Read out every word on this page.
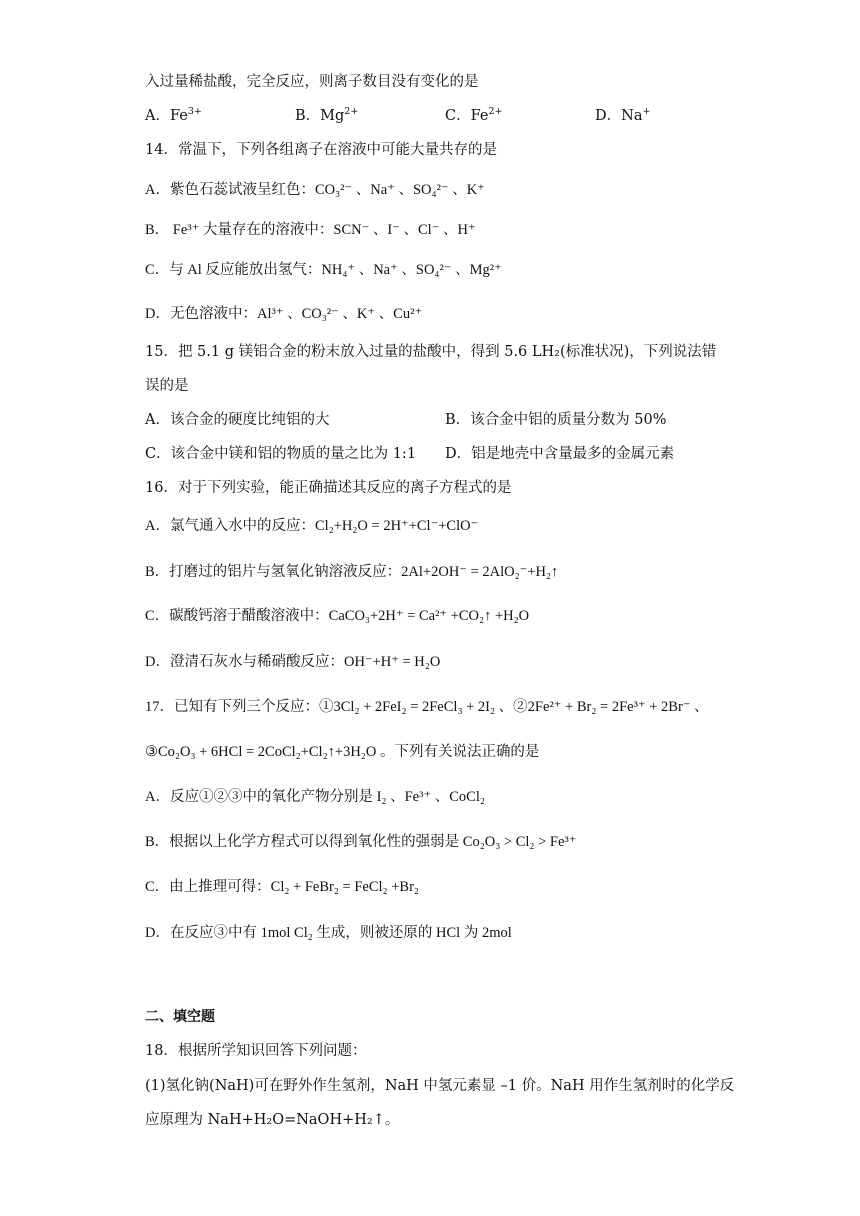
入过量稀盐酸，完全反应，则离子数目没有变化的是
A．$Fe^{3+}$	B．$Mg^{2+}$	C．$Fe^{2+}$	D．Na+
14．常温下，下列各组离子在溶液中可能大量共存的是
A．紫色石蕊试液呈红色：CO₃²⁻ 、Na⁺ 、SO₄²⁻ 、K⁺
B． Fe³⁺ 大量存在的溶液中：SCN⁻ 、I⁻ 、Cl⁻ 、H⁺
C．与 Al 反应能放出氢气：NH₄⁺ 、Na⁺ 、SO₄²⁻ 、Mg²⁺
D．无色溶液中：Al³⁺ 、CO₃²⁻ 、K⁺ 、Cu²⁺
15．把 5.1 g 镁铝合金的粉末放入过量的盐酸中，得到 5.6 LH₂(标准状况)，下列说法错
误的是
A．该合金的硬度比纯铝的大	B．该合金中铝的质量分数为 50%
C．该合金中镁和铝的物质的量之比为 1:1 D．铝是地壳中含量最多的金属元素
16．对于下列实验，能正确描述其反应的离子方程式的是
A．氯气通入水中的反应：Cl₂+H₂O = 2H⁺+Cl⁻+ClO⁻
B．打磨过的铝片与氢氧化钠溶液反应：2Al+2OH⁻ = 2AlO₂⁻+H₂↑
C．碳酸钙溶于醋酸溶液中：CaCO₃+2H⁺ = Ca²⁺ +CO₂↑ +H₂O
D．澄清石灰水与稀硝酸反应：OH⁻+H⁺ = H₂O
17．已知有下列三个反应：①3Cl₂ + 2FeI₂ = 2FeCl₃ + 2I₂ 、②2Fe²⁺ + Br₂ = 2Fe³⁺ + 2Br⁻ 、
③Co₂O₃ + 6HCl = 2CoCl₂+Cl₂↑+3H₂O 。下列有关说法正确的是
A．反应①②③中的氧化产物分别是 I₂ 、Fe³⁺ 、CoCl₂
B．根据以上化学方程式可以得到氧化性的强弱是 Co₂O₃ > Cl₂ > Fe³⁺
C．由上推理可得：Cl₂ + FeBr₂ = FeCl₂ +Br₂
D．在反应③中有 1mol Cl₂ 生成，则被还原的 HCl 为 2mol
二、填空题
18．根据所学知识回答下列问题：
(1)氢化钠(NaH)可在野外作生氢剂，NaH 中氢元素显 –1 价。NaH 用作生氢剂时的化学反
应原理为 NaH+H₂O=NaOH+H₂↑。
